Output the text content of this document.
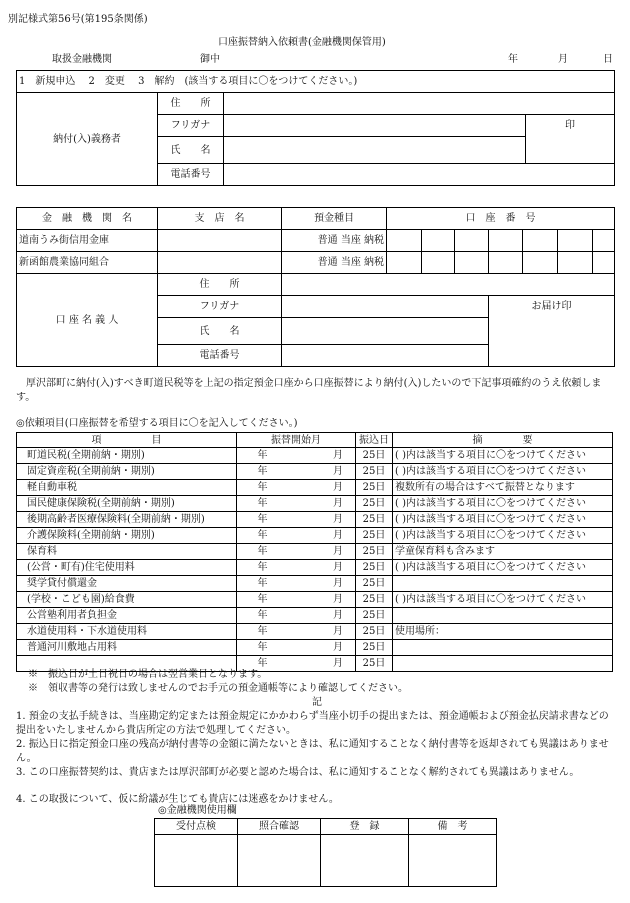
別記様式第56号(第195条関係)
口座振替納入依頼書(金融機関保管用)
取扱金融機関	御中	年	月	日
1　新規申込　 2　変更　 3　解約　(該当する項目に〇をつけてください。)			
納付(入)義務者	住　　所		
	フリガナ		印
	氏　　名		
	電話番号		
金　融　機　関　名	支　店　名	預金種目	口　座　番　号						
道南うみ街信用金庫		普通 当座 納税							
新函館農業協同組合		普通 当座 納税							
口 座 名 義 人	住　　所								
	フリガナ					お届け印			
	氏　　名								
	電話番号								

　厚沢部町に納付(入)すべき町道民税等を上記の指定預金口座から口座振替により納付(入)したいので下記事項確約のうえ依頼します。

◎依頼項目(口座振替を希望する項目に〇を記入してください。)
項　　　　　目	振替開始月		振込日	摘　　　　要
町道民税(全期前納・期別)	年	月	25日	( )内は該当する項目に〇をつけてください
固定資産税(全期前納・期別)	年	月	25日	( )内は該当する項目に〇をつけてください
軽自動車税	年	月	25日	複数所有の場合はすべて振替となります
国民健康保険税(全期前納・期別)	年	月	25日	( )内は該当する項目に〇をつけてください
後期高齢者医療保険料(全期前納・期別)	年	月	25日	( )内は該当する項目に〇をつけてください
介護保険料(全期前納・期別)	年	月	25日	( )内は該当する項目に〇をつけてください
保育料	年	月	25日	学童保育料も含みます
(公営・町有)住宅使用料	年	月	25日	( )内は該当する項目に〇をつけてください
奨学貸付償還金	年	月	25日	
(学校・こども園)給食費	年	月	25日	( )内は該当する項目に〇をつけてください
公営塾利用者負担金	年	月	25日	
水道使用料・下水道使用料	年	月	25日	使用場所：
普通河川敷地占用料	年	月	25日	
	年	月	25日	
※　振込日が土日祝日の場合は翌営業日となります。
※　領収書等の発行は致しませんのでお手元の預金通帳等により確認してください。
記

1. 預金の支払手続きは、当座勘定約定または預金規定にかかわらず当座小切手の提出または、預金通帳および預金払戻請求書などの提出をいたしませんから貴店所定の方法で処理してください。

2. 振込日に指定預金口座の残高が納付書等の金額に満たないときは、私に通知することなく納付書等を返却されても異議はありません。

3. この口座振替契約は、貴店または厚沢部町が必要と認めた場合は、私に通知することなく解約されても異議はありません。

4. この取扱について、仮に紛議が生じても貴店には迷惑をかけません。

◎金融機関使用欄
受付点検	照合確認	登　録	備　考
